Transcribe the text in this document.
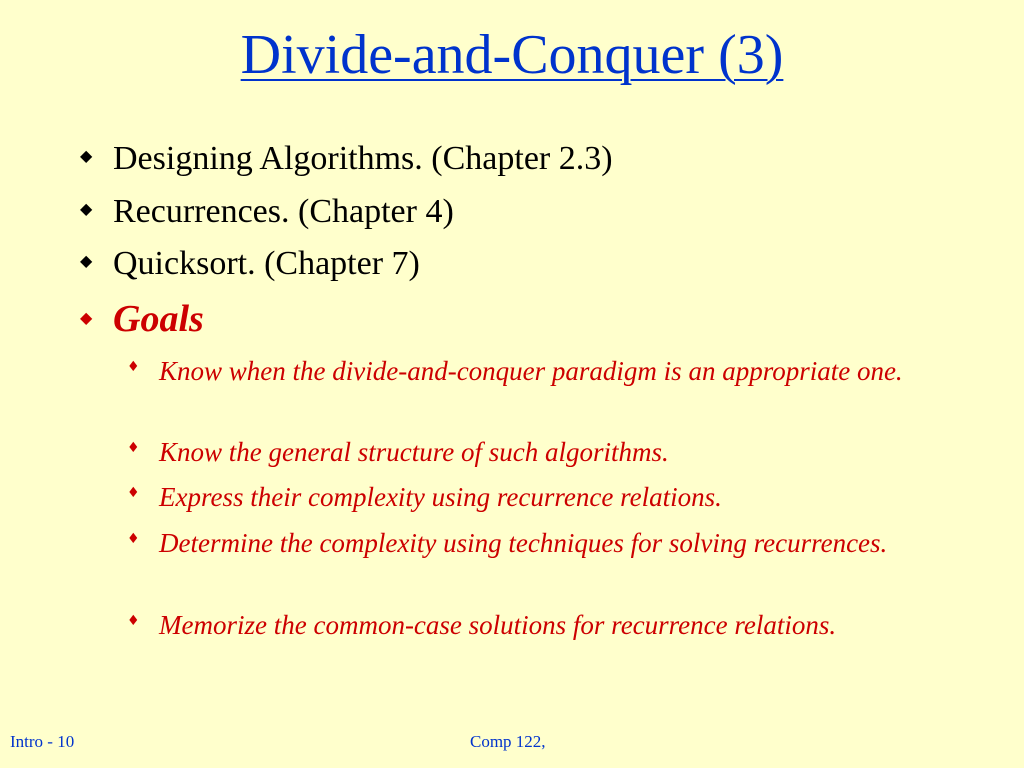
Divide-and-Conquer (3)
◆ Designing Algorithms. (Chapter 2.3)
◆ Recurrences. (Chapter 4)
◆ Quicksort. (Chapter 7)
◆ Goals
♦ Know when the divide-and-conquer paradigm is an appropriate one.
♦ Know the general structure of such algorithms.
♦ Express their complexity using recurrence relations.
♦ Determine the complexity using techniques for solving recurrences.
♦ Memorize the common-case solutions for recurrence relations.
Intro - 10	Comp 122,
